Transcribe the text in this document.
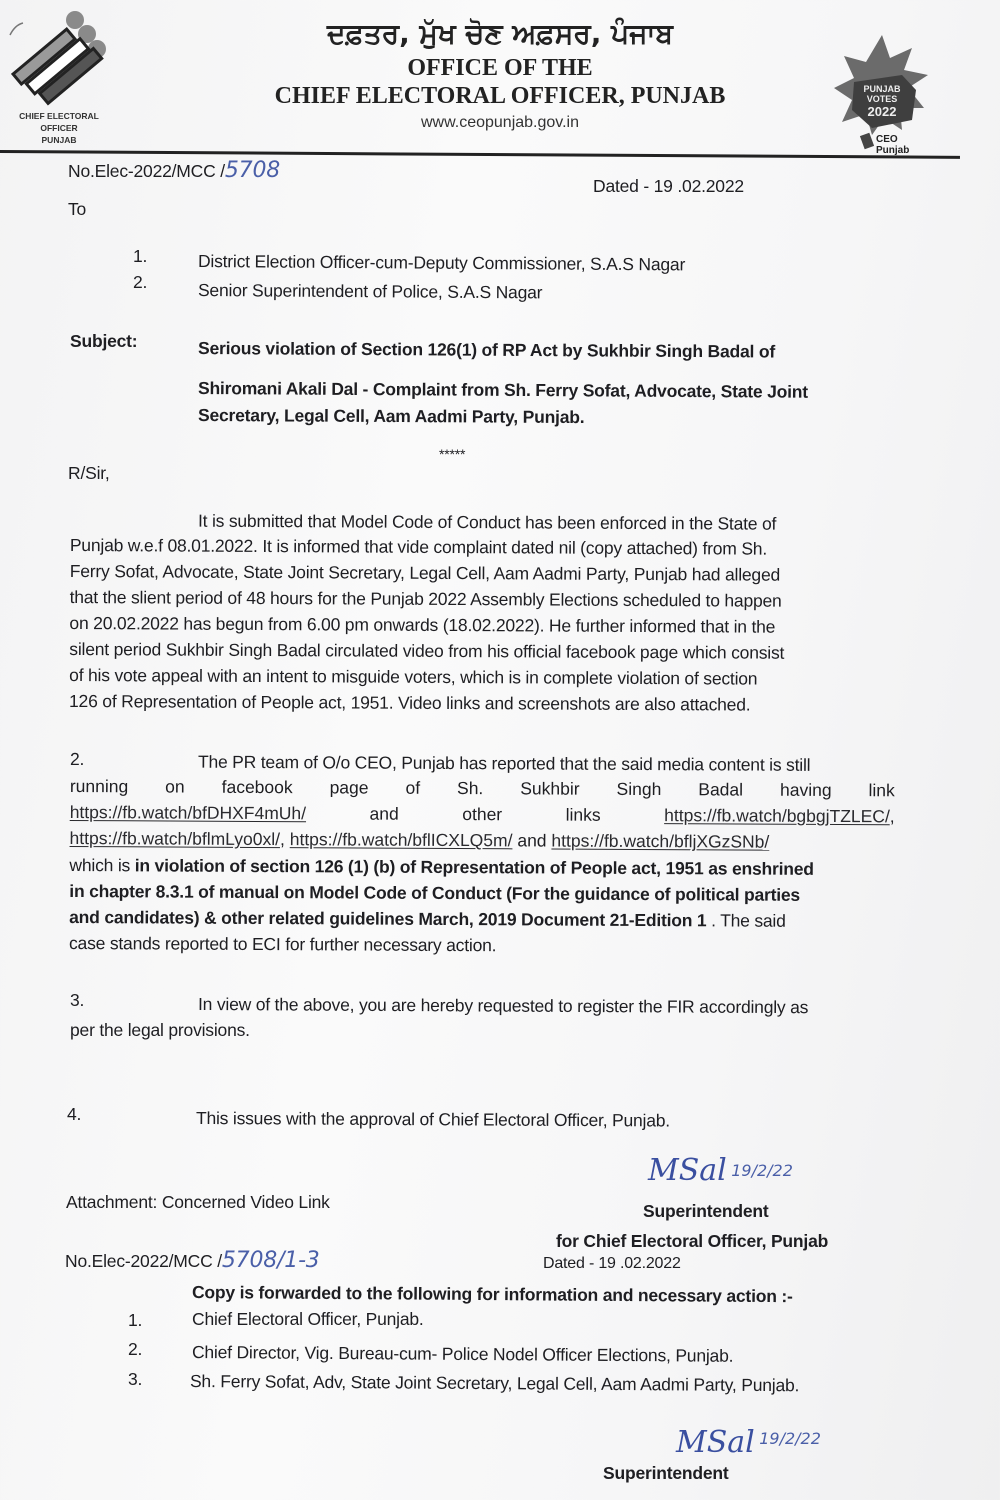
CHIEF ELECTORAL OFFICER
PUNJAB
ਦਫ਼ਤਰ, ਮੁੱਖ ਚੋਣ ਅਫ਼ਸਰ, ਪੰਜਾਬ
OFFICE OF THE
CHIEF ELECTORAL OFFICER, PUNJAB
www.ceopunjab.gov.in
PUNJAB
VOTES
2022
CEO
Punjab
No.Elec-2022/MCC /5708
Dated - 19 .02.2022
To
1.	District Election Officer-cum-Deputy Commissioner, S.A.S Nagar
2.	Senior Superintendent of Police, S.A.S Nagar
Subject:	Serious violation of Section 126(1) of RP Act by Sukhbir Singh Badal of
Shiromani Akali Dal - Complaint from Sh. Ferry Sofat, Advocate, State Joint
Secretary, Legal Cell, Aam Aadmi Party, Punjab.
*****
R/Sir,
It is submitted that Model Code of Conduct has been enforced in the State of
Punjab w.e.f 08.01.2022. It is informed that vide complaint dated nil (copy attached) from Sh.
Ferry Sofat, Advocate, State Joint Secretary, Legal Cell, Aam Aadmi Party, Punjab had alleged
that the slient period of 48 hours for the Punjab 2022 Assembly Elections scheduled to happen
on 20.02.2022 has begun from 6.00 pm onwards (18.02.2022). He further informed that in the
silent period Sukhbir Singh Badal circulated video from his official facebook page which consist
of his vote appeal with an intent to misguide voters, which is in complete violation of section
126 of Representation of People act, 1951. Video links and screenshots are also attached.
2.	The PR team of O/o CEO, Punjab has reported that the said media content is still
running on facebook page of Sh. Sukhbir Singh Badal having link
https://fb.watch/bfDHXF4mUh/	and	other	links	https://fb.watch/bgbgjTZLEC/,
https://fb.watch/bflmLyo0xl/ ,
https://fb.watch/bflICXLQ5m/
and
https://fb.watch/bfljXGzSNb/
which is in violation of section 126 (1) (b) of Representation of People act, 1951 as enshrined
in chapter 8.3.1 of manual on Model Code of Conduct (For the guidance of political parties
and candidates) & other related guidelines March, 2019 Document 21-Edition 1 . The said
case stands reported to ECI for further necessary action.
3.	In view of the above, you are hereby requested to register the FIR accordingly as
per the legal provisions.
4.	This issues with the approval of Chief Electoral Officer, Punjab.
MSal 19/2/22
Attachment: Concerned Video Link	Superintendent
for Chief Electoral Officer, Punjab
No.Elec-2022/MCC /5708/1-3	Dated - 19 .02.2022
Copy is forwarded to the following for information and necessary action :-
1.	Chief Electoral Officer, Punjab.
2.	Chief Director, Vig. Bureau-cum- Police Nodel Officer Elections, Punjab.
3.	Sh. Ferry Sofat, Adv, State Joint Secretary, Legal Cell, Aam Aadmi Party, Punjab.
MSal 19/2/22
Superintendent
